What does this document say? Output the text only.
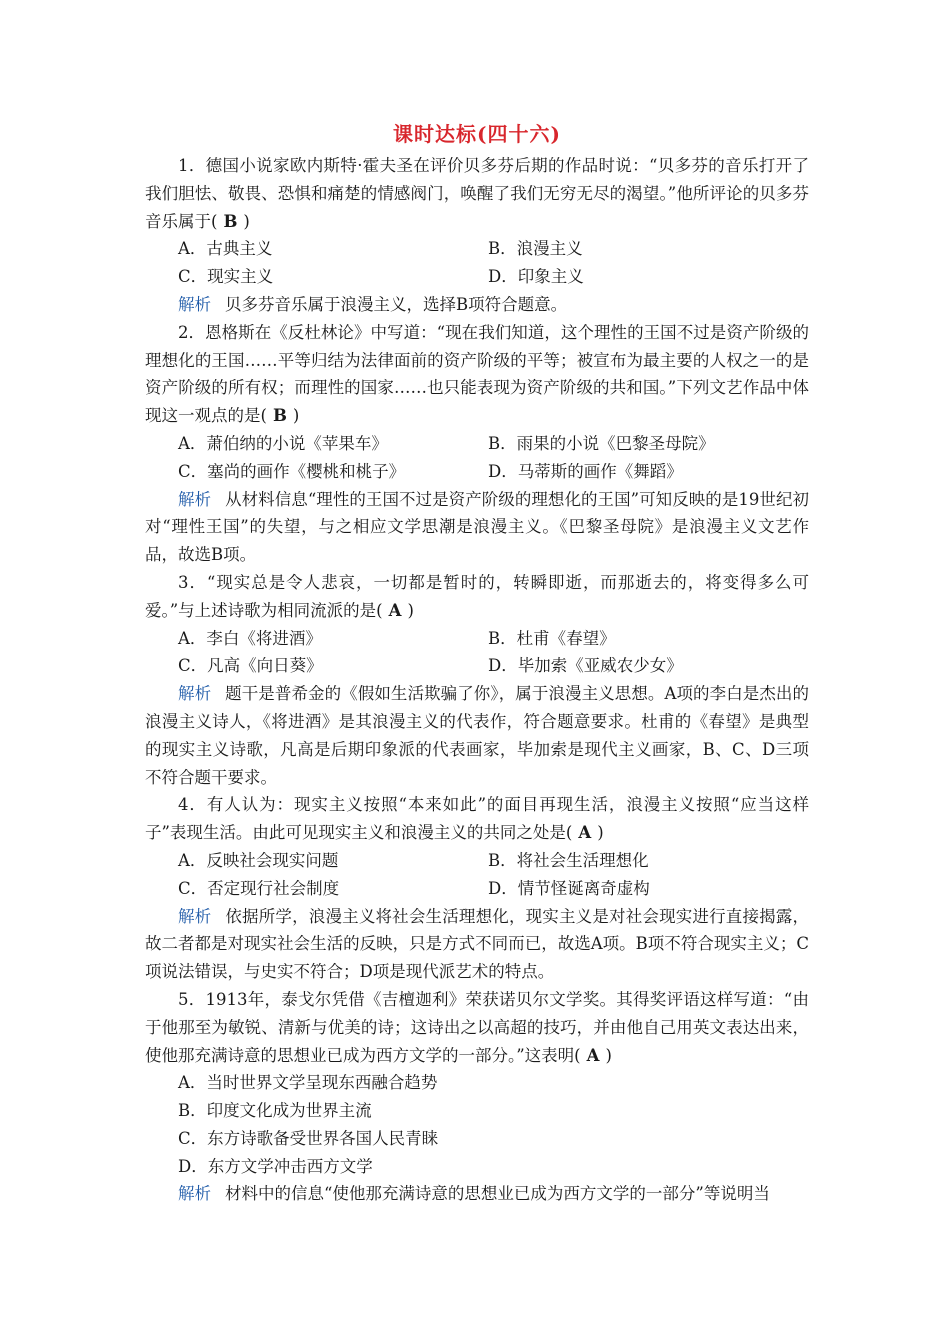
课时达标(四十六)

1．德国小说家欧内斯特·霍夫圣在评价贝多芬后期的作品时说：“贝多芬的音乐打开了我们胆怯、敬畏、恐惧和痛楚的情感阀门，唤醒了我们无穷无尽的渴望。”他所评论的贝多芬音乐属于( B )

A．古典主义	B．浪漫主义
C．现实主义	D．印象主义

解析 贝多芬音乐属于浪漫主义，选择B项符合题意。

2．恩格斯在《反杜林论》中写道：“现在我们知道，这个理性的王国不过是资产阶级的理想化的王国……平等归结为法律面前的资产阶级的平等；被宣布为最主要的人权之一的是资产阶级的所有权；而理性的国家……也只能表现为资产阶级的共和国。”下列文艺作品中体现这一观点的是( B )

A．萧伯纳的小说《苹果车》	B．雨果的小说《巴黎圣母院》
C．塞尚的画作《樱桃和桃子》	D．马蒂斯的画作《舞蹈》

解析 从材料信息“理性的王国不过是资产阶级的理想化的王国”可知反映的是19世纪初对“理性王国”的失望，与之相应文学思潮是浪漫主义。《巴黎圣母院》是浪漫主义文艺作品，故选B项。

3．“现实总是令人悲哀，一切都是暂时的，转瞬即逝，而那逝去的，将变得多么可爱。”与上述诗歌为相同流派的是( A )

A．李白《将进酒》	B．杜甫《春望》
C．凡高《向日葵》	D．毕加索《亚威农少女》

解析 题干是普希金的《假如生活欺骗了你》，属于浪漫主义思想。A项的李白是杰出的浪漫主义诗人，《将进酒》是其浪漫主义的代表作，符合题意要求。杜甫的《春望》是典型的现实主义诗歌，凡高是后期印象派的代表画家，毕加索是现代主义画家，B、C、D三项不符合题干要求。

4．有人认为：现实主义按照“本来如此”的面目再现生活，浪漫主义按照“应当这样子”表现生活。由此可见现实主义和浪漫主义的共同之处是( A )

A．反映社会现实问题	B．将社会生活理想化
C．否定现行社会制度	D．情节怪诞离奇虚构

解析 依据所学，浪漫主义将社会生活理想化，现实主义是对社会现实进行直接揭露，故二者都是对现实社会生活的反映，只是方式不同而已，故选A项。B项不符合现实主义；C项说法错误，与史实不符合；D项是现代派艺术的特点。

5．1913年，泰戈尔凭借《吉檀迦利》荣获诺贝尔文学奖。其得奖评语这样写道：“由于他那至为敏锐、清新与优美的诗；这诗出之以高超的技巧，并由他自己用英文表达出来，使他那充满诗意的思想业已成为西方文学的一部分。”这表明( A )

A．当时世界文学呈现东西融合趋势
B．印度文化成为世界主流
C．东方诗歌备受世界各国人民青睐
D．东方文学冲击西方文学

解析 材料中的信息“使他那充满诗意的思想业已成为西方文学的一部分”等说明当
